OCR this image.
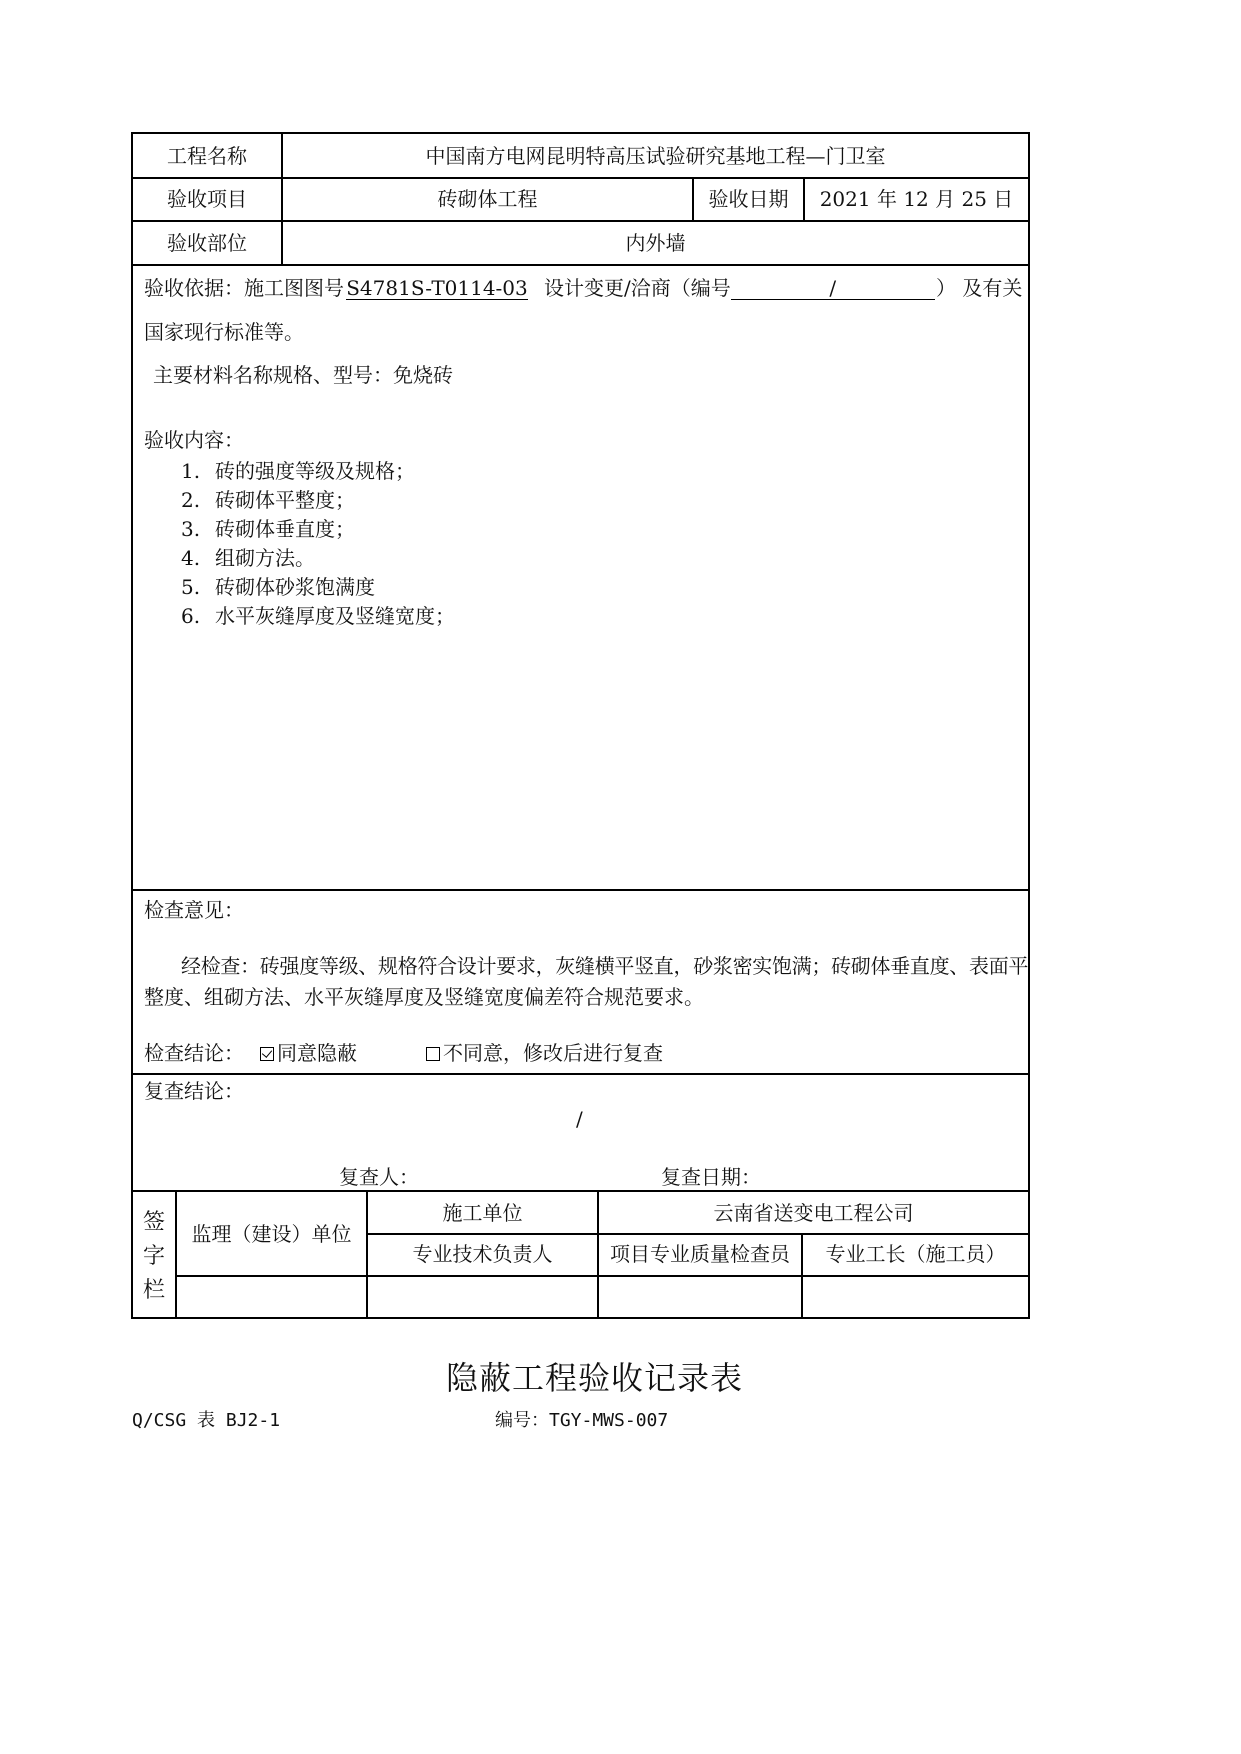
工程名称	中国南方电网昆明特高压试验研究基地工程—门卫室
验收项目	砖砌体工程	验收日期	2021 年 12 月 25 日
验收部位	内外墙
验收依据：施工图图号 S4781S-T0114-03 设计变更/洽商（编号	/	） 及有关
国家现行标准等。
主要材料名称规格、型号：免烧砖
验收内容：
1. 砖的强度等级及规格；
2. 砖砌体平整度；
3. 砖砌体垂直度；
4. 组砌方法。
5. 砖砌体砂浆饱满度
6. 水平灰缝厚度及竖缝宽度；
检查意见：
经检查：砖强度等级、规格符合设计要求，灰缝横平竖直，砂浆密实饱满；砖砌体垂直度、表面平
整度、组砌方法、水平灰缝厚度及竖缝宽度偏差符合规范要求。
检查结论：	同意隐蔽	不同意，修改后进行复查
复查结论：
/
复查人：	复查日期：
签
字
栏
监理（建设）单位
施工单位	云南省送变电工程公司
专业技术负责人	项目专业质量检查员	专业工长（施工员）
隐蔽工程验收记录表
Q/CSG 表 BJ2-1	编号：TGY-MWS-007
